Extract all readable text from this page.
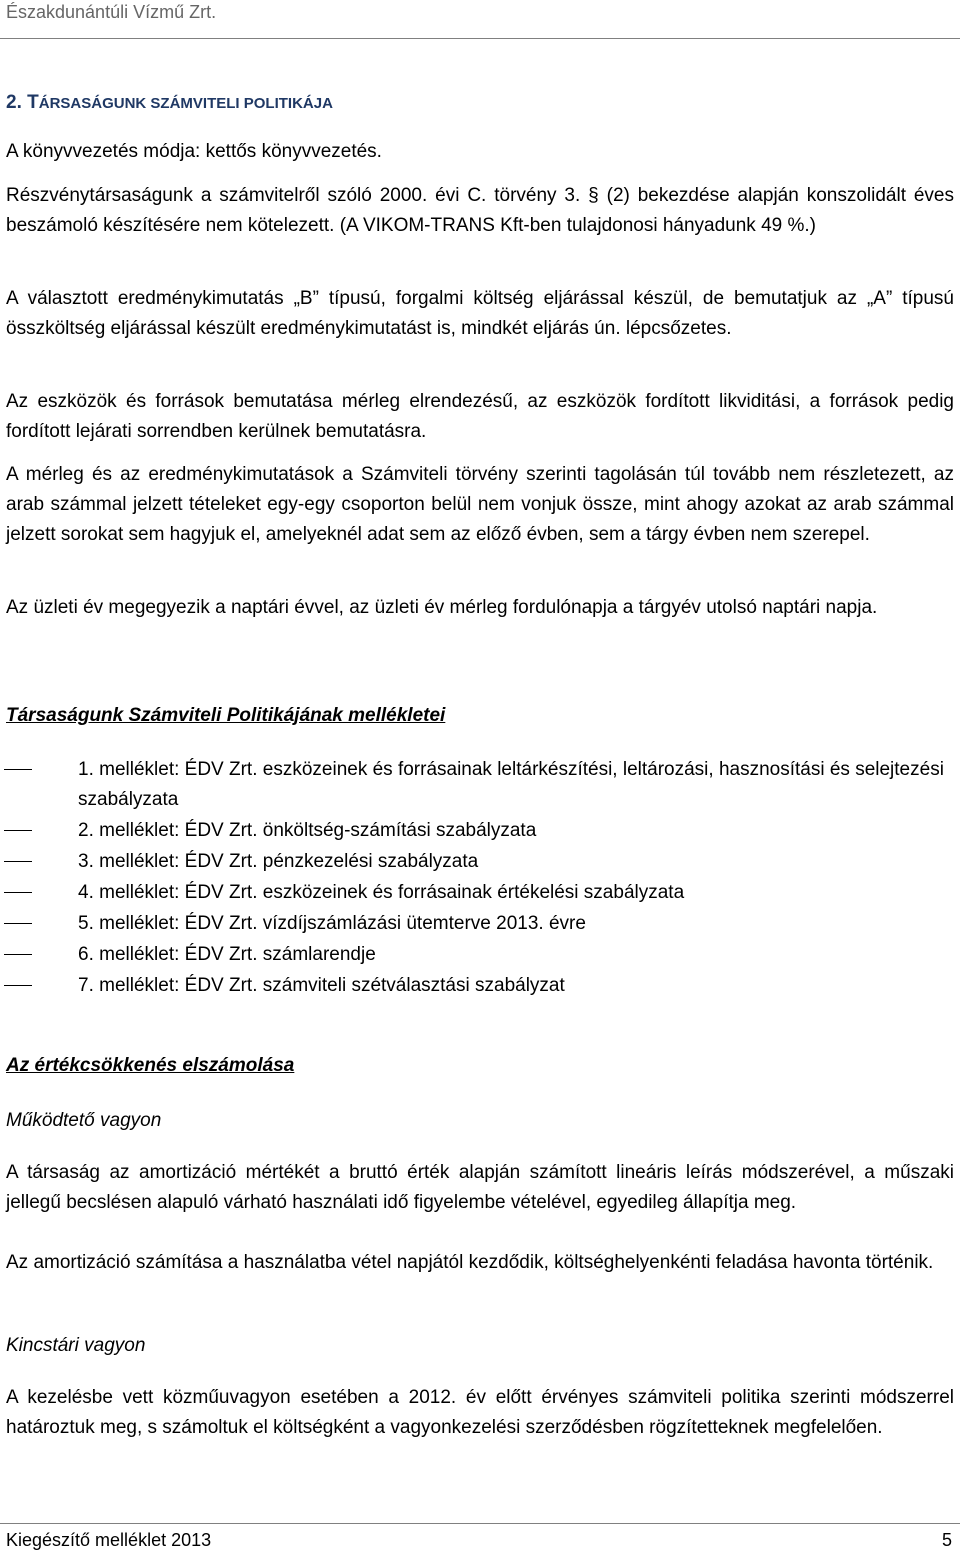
Északdunántúli Vízmű Zrt.
2. TÁRSASÁGUNK SZÁMVITELI POLITIKÁJA
A könyvvezetés módja: kettős könyvvezetés.
Részvénytársaságunk a számvitelről szóló 2000. évi C. törvény 3. § (2) bekezdése alapján konszolidált éves beszámoló készítésére nem kötelezett. (A VIKOM-TRANS Kft-ben tulajdonosi hányadunk 49 %.)
A választott eredménykimutatás „B” típusú, forgalmi költség eljárással készül, de bemutatjuk az „A” típusú összköltség eljárással készült eredménykimutatást is, mindkét eljárás ún. lépcsőzetes.
Az eszközök és források bemutatása mérleg elrendezésű, az eszközök fordított likviditási, a források pedig fordított lejárati sorrendben kerülnek bemutatásra.
A mérleg és az eredménykimutatások a Számviteli törvény szerinti tagolásán túl tovább nem részletezett, az arab számmal jelzett tételeket egy-egy csoporton belül nem vonjuk össze, mint ahogy azokat az arab számmal jelzett sorokat sem hagyjuk el, amelyeknél adat sem az előző évben, sem a tárgy évben nem szerepel.
Az üzleti év megegyezik a naptári évvel, az üzleti év mérleg fordulónapja a tárgyév utolsó naptári napja.
Társaságunk Számviteli Politikájának mellékletei
1. melléklet: ÉDV Zrt. eszközeinek és forrásainak leltárkészítési, leltározási, hasznosítási és selejtezési szabályzata
2. melléklet: ÉDV Zrt. önköltség-számítási szabályzata
3. melléklet: ÉDV Zrt. pénzkezelési szabályzata
4. melléklet: ÉDV Zrt. eszközeinek és forrásainak értékelési szabályzata
5. melléklet: ÉDV Zrt. vízdíjszámlázási ütemterve 2013. évre
6. melléklet: ÉDV Zrt. számlarendje
7. melléklet: ÉDV Zrt. számviteli szétválasztási szabályzat
Az értékcsökkenés elszámolása
Működtető vagyon
A társaság az amortizáció mértékét a bruttó érték alapján számított lineáris leírás módszerével, a műszaki jellegű becslésen alapuló várható használati idő figyelembe vételével, egyedileg állapítja meg.
Az amortizáció számítása a használatba vétel napjától kezdődik, költséghelyenkénti feladása havonta történik.
Kincstári vagyon
A kezelésbe vett közműuvagyon esetében a 2012. év előtt érvényes számviteli politika szerinti módszerrel határoztuk meg, s számoltuk el költségként a vagyonkezelési szerződésben rögzítetteknek megfelelően.
Kiegészítő melléklet 2013	5
